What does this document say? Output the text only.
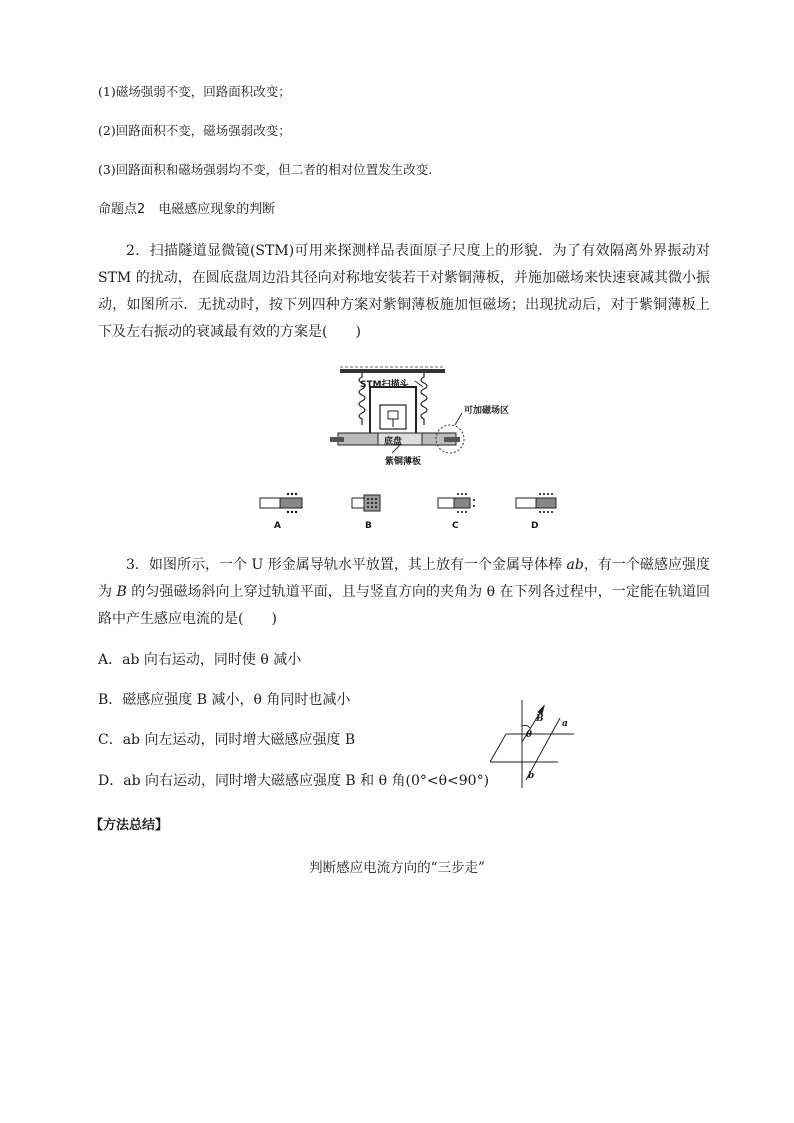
(1)磁场强弱不变，回路面积改变；
(2)回路面积不变，磁场强弱改变；
(3)回路面积和磁场强弱均不变，但二者的相对位置发生改变.
命题点2　电磁感应现象的判断
2．扫描隧道显微镜(STM)可用来探测样品表面原子尺度上的形貌．为了有效隔离外界振动对 STM 的扰动，在圆底盘周边沿其径向对称地安装若干对紫铜薄板，并施加磁场来快速衰减其微小振动，如图所示．无扰动时，按下列四种方案对紫铜薄板施加恒磁场；出现扰动后，对于紫铜薄板上下及左右振动的衰减最有效的方案是(　　)
STM扫描头
可加磁场区
底盘
紫铜薄板
A	B	C	D
3．如图所示，一个 U 形金属导轨水平放置，其上放有一个金属导体棒 ab，有一个磁感应强度为 B 的匀强磁场斜向上穿过轨道平面，且与竖直方向的夹角为 θ 在下列各过程中，一定能在轨道回路中产生感应电流的是(　　)
A．ab 向右运动，同时使 θ 减小
B．磁感应强度 B 减小，θ 角同时也减小
C．ab 向左运动，同时增大磁感应强度 B
D．ab 向右运动，同时增大磁感应强度 B 和 θ 角(0°<θ<90°)
B a
θ
b
【方法总结】
判断感应电流方向的“三步走”
